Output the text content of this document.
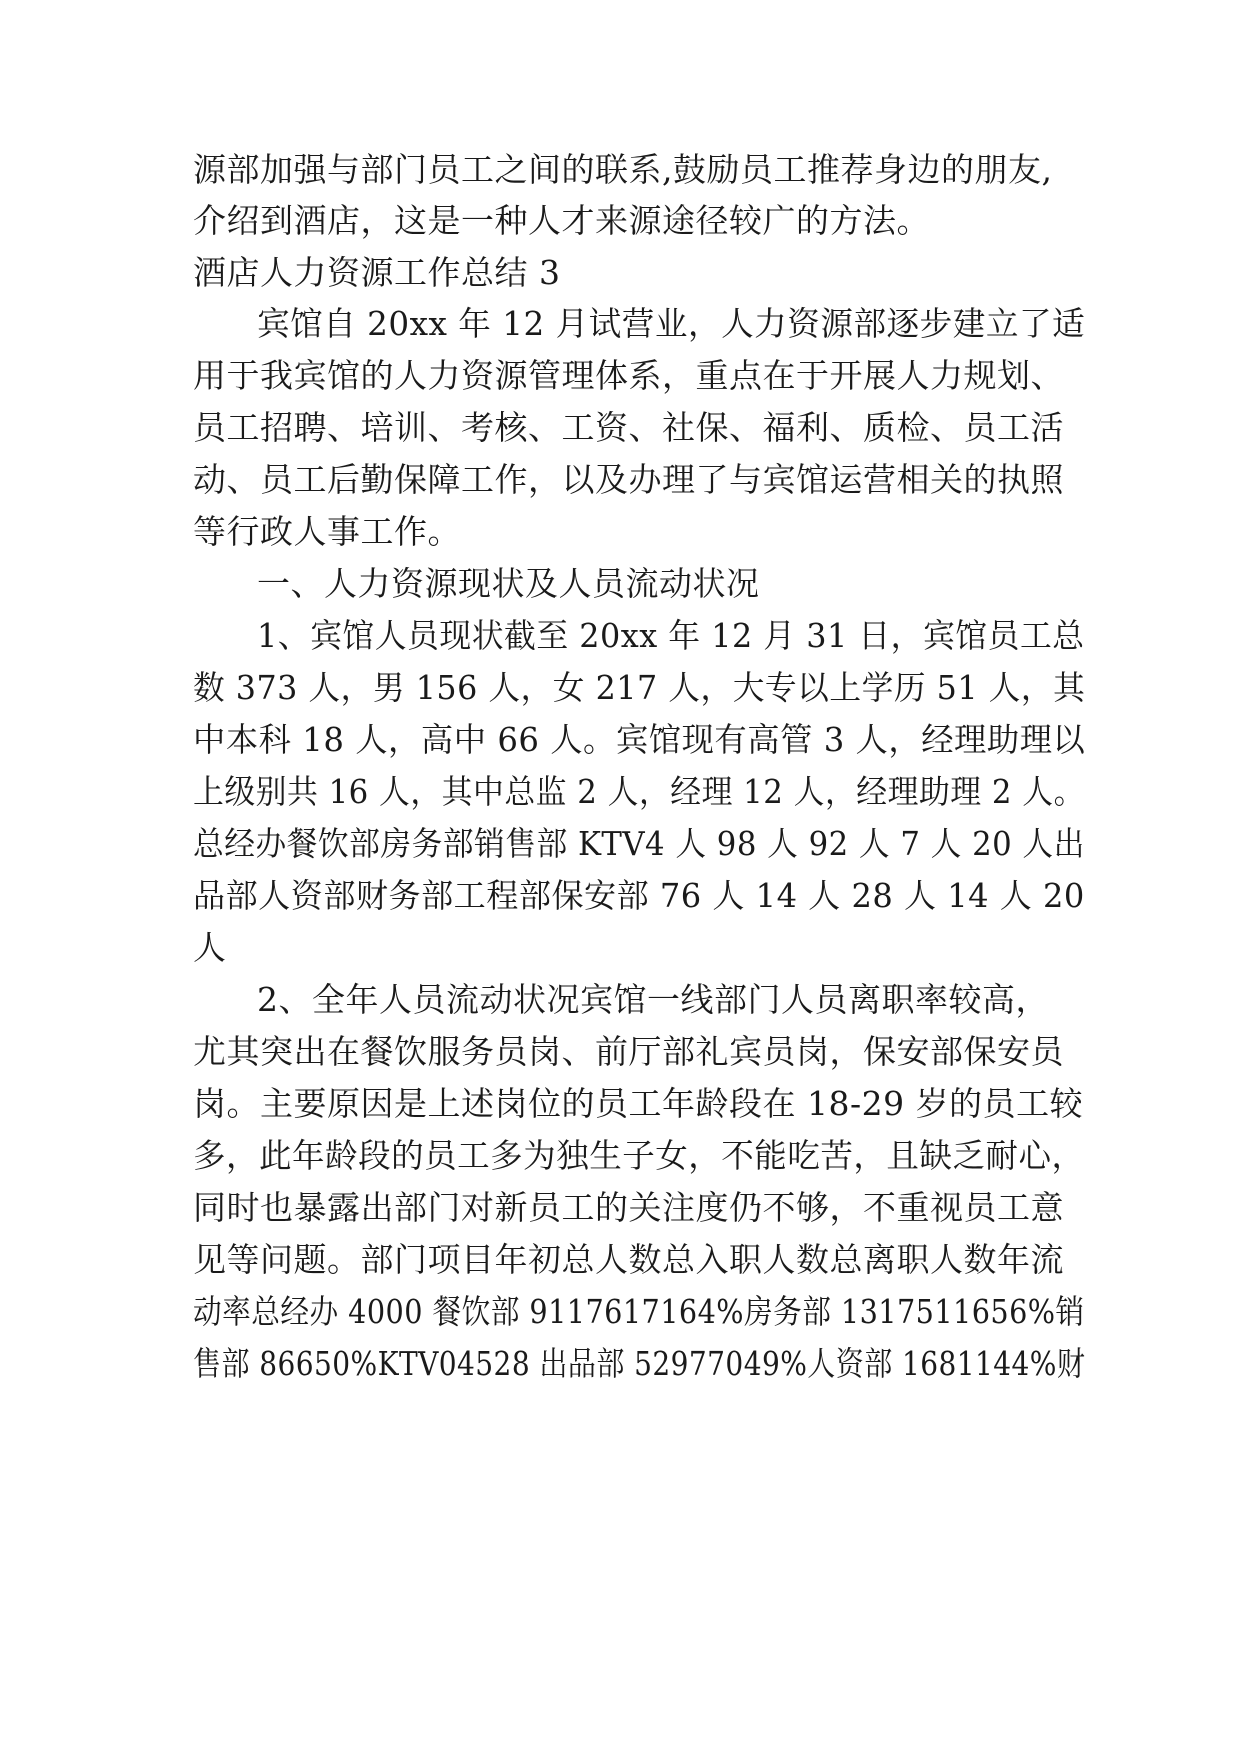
源部加强与部门员工之间的联系,鼓励员工推荐身边的朋友,
介绍到酒店，这是一种人才来源途径较广的方法。
酒店人力资源工作总结 3
宾馆自 20xx 年 12 月试营业，人力资源部逐步建立了适
用于我宾馆的人力资源管理体系，重点在于开展人力规划、
员工招聘、培训、考核、工资、社保、福利、质检、员工活
动、员工后勤保障工作，以及办理了与宾馆运营相关的执照
等行政人事工作。
一、人力资源现状及人员流动状况
1、宾馆人员现状截至 20xx 年 12 月 31 日，宾馆员工总
数 373 人，男 156 人，女 217 人，大专以上学历 51 人，其
中本科 18 人，高中 66 人。宾馆现有高管 3 人，经理助理以
上级别共 16 人，其中总监 2 人，经理 12 人，经理助理 2 人。
总经办餐饮部房务部销售部 KTV4 人 98 人 92 人 7 人 20 人出
品部人资部财务部工程部保安部 76 人 14 人 28 人 14 人 20
人
2、全年人员流动状况宾馆一线部门人员离职率较高，
尤其突出在餐饮服务员岗、前厅部礼宾员岗，保安部保安员
岗。主要原因是上述岗位的员工年龄段在 18-29 岁的员工较
多，此年龄段的员工多为独生子女，不能吃苦，且缺乏耐心，
同时也暴露出部门对新员工的关注度仍不够，不重视员工意
见等问题。部门项目年初总人数总入职人数总离职人数年流
动率总经办 4000 餐饮部 9117617164%房务部 1317511656%销
售部 86650%KTV04528 出品部 52977049%人资部 1681144%财
